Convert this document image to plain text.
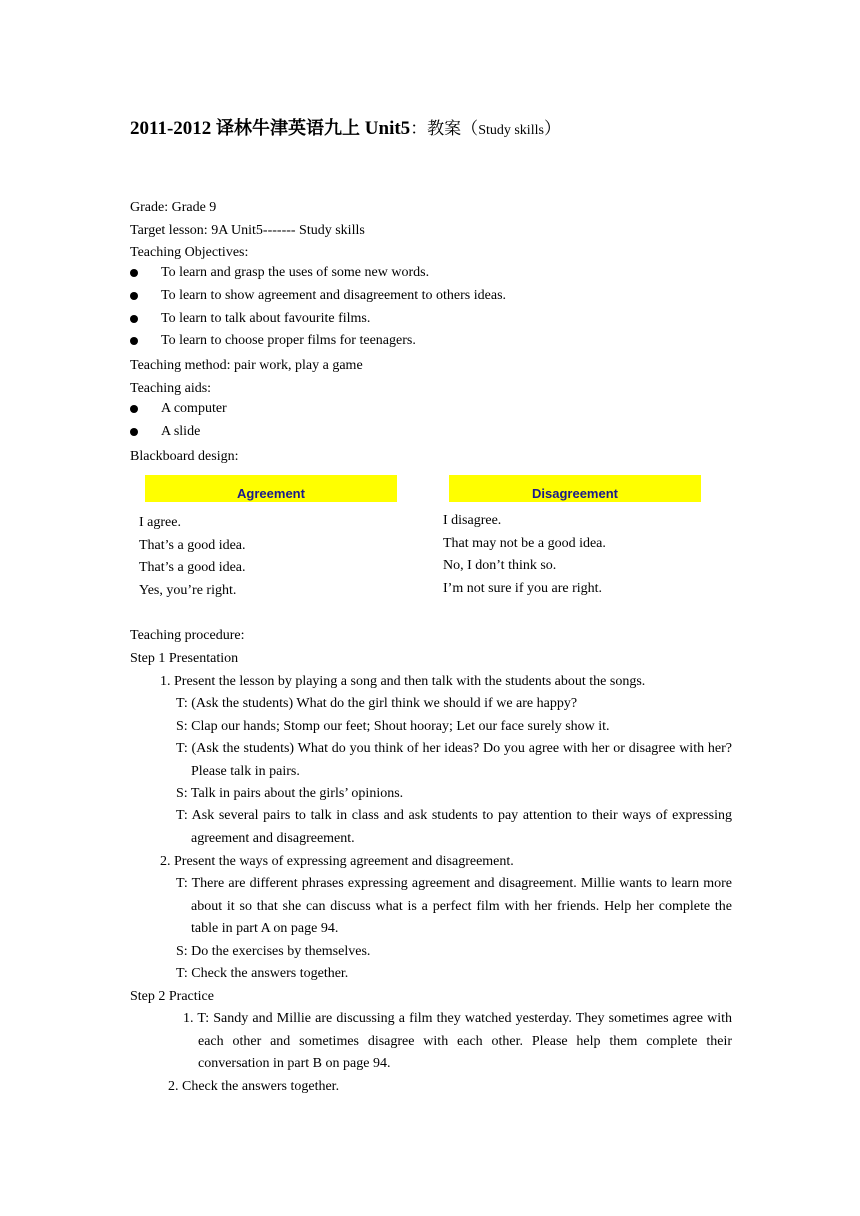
2011-2012 译林牛津英语九上 Unit5：教案（Study skills）
Grade: Grade 9
Target lesson: 9A Unit5------- Study skills
Teaching Objectives:
To learn and grasp the uses of some new words.
To learn to show agreement and disagreement to others ideas.
To learn to talk about favourite films.
To learn to choose proper films for teenagers.
Teaching method: pair work, play a game
Teaching aids:
A computer
A slide
Blackboard design:
Agreement	Disagreement
I agree.
That’s a good idea.
That’s a good idea.
Yes, you’re right.
I disagree.
That may not be a good idea.
No, I don’t think so.
I’m not sure if you are right.
Teaching procedure:
Step 1 Presentation
1. Present the lesson by playing a song and then talk with the students about the songs.
T: (Ask the students) What do the girl think we should if we are happy?
S: Clap our hands; Stomp our feet; Shout hooray; Let our face surely show it.
T: (Ask the students) What do you think of her ideas? Do you agree with her or disagree with her? Please talk in pairs.
S: Talk in pairs about the girls’ opinions.
T: Ask several pairs to talk in class and ask students to pay attention to their ways of expressing agreement and disagreement.
2. Present the ways of expressing agreement and disagreement.
T: There are different phrases expressing agreement and disagreement. Millie wants to learn more about it so that she can discuss what is a perfect film with her friends. Help her complete the table in part A on page 94.
S: Do the exercises by themselves.
T: Check the answers together.
Step 2 Practice
1. T: Sandy and Millie are discussing a film they watched yesterday. They sometimes agree with each other and sometimes disagree with each other. Please help them complete their conversation in part B on page 94.
2. Check the answers together.
